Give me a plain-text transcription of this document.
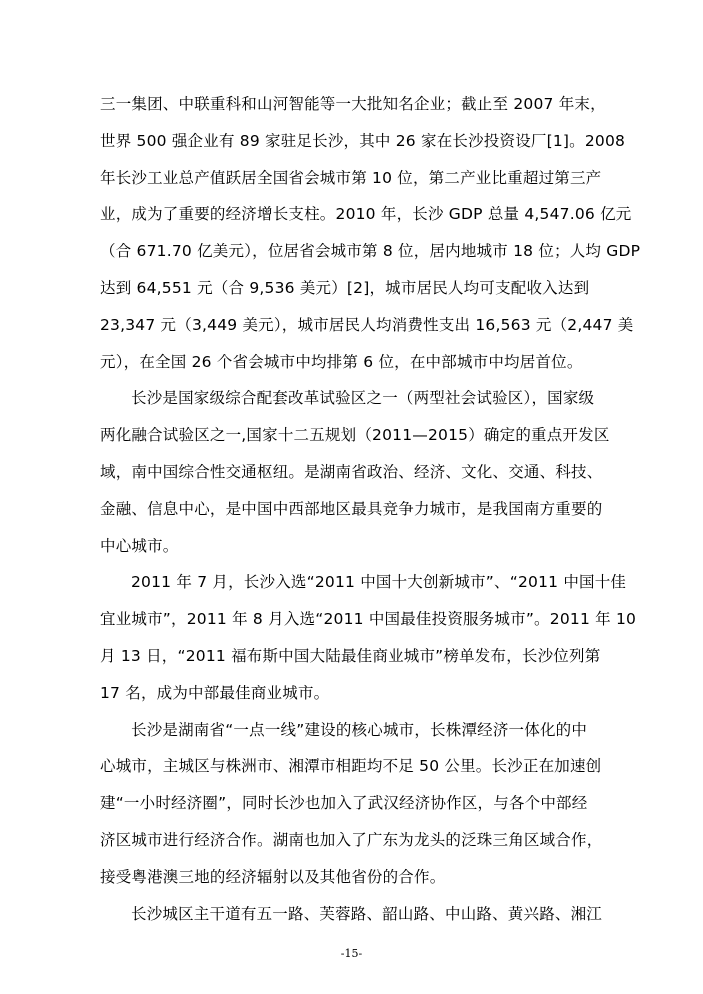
三一集团、中联重科和山河智能等一大批知名企业；截止至 2007 年末，
世界 500 强企业有 89 家驻足长沙，其中 26 家在长沙投资设厂[1]。2008
年长沙工业总产值跃居全国省会城市第 10 位，第二产业比重超过第三产
业，成为了重要的经济增长支柱。2010 年，长沙 GDP 总量 4,547.06 亿元
（合 671.70 亿美元），位居省会城市第 8 位，居内地城市 18 位；人均 GDP
达到 64,551 元（合 9,536 美元）[2]，城市居民人均可支配收入达到
23,347 元（3,449 美元），城市居民人均消费性支出 16,563 元（2,447 美
元），在全国 26 个省会城市中均排第 6 位，在中部城市中均居首位。
长沙是国家级综合配套改革试验区之一（两型社会试验区），国家级
两化融合试验区之一,国家十二五规划（2011—2015）确定的重点开发区
域，南中国综合性交通枢纽。是湖南省政治、经济、文化、交通、科技、
金融、信息中心，是中国中西部地区最具竞争力城市，是我国南方重要的
中心城市。
2011 年 7 月，长沙入选“2011 中国十大创新城市”、“2011 中国十佳
宜业城市”，2011 年 8 月入选“2011 中国最佳投资服务城市”。2011 年 10
月 13 日，“2011 福布斯中国大陆最佳商业城市”榜单发布，长沙位列第
17 名，成为中部最佳商业城市。
长沙是湖南省“一点一线”建设的核心城市，长株潭经济一体化的中
心城市，主城区与株洲市、湘潭市相距均不足 50 公里。长沙正在加速创
建“一小时经济圈”，同时长沙也加入了武汉经济协作区，与各个中部经
济区城市进行经济合作。湖南也加入了广东为龙头的泛珠三角区域合作，
接受粤港澳三地的经济辐射以及其他省份的合作。
长沙城区主干道有五一路、芙蓉路、韶山路、中山路、黄兴路、湘江
-15-
